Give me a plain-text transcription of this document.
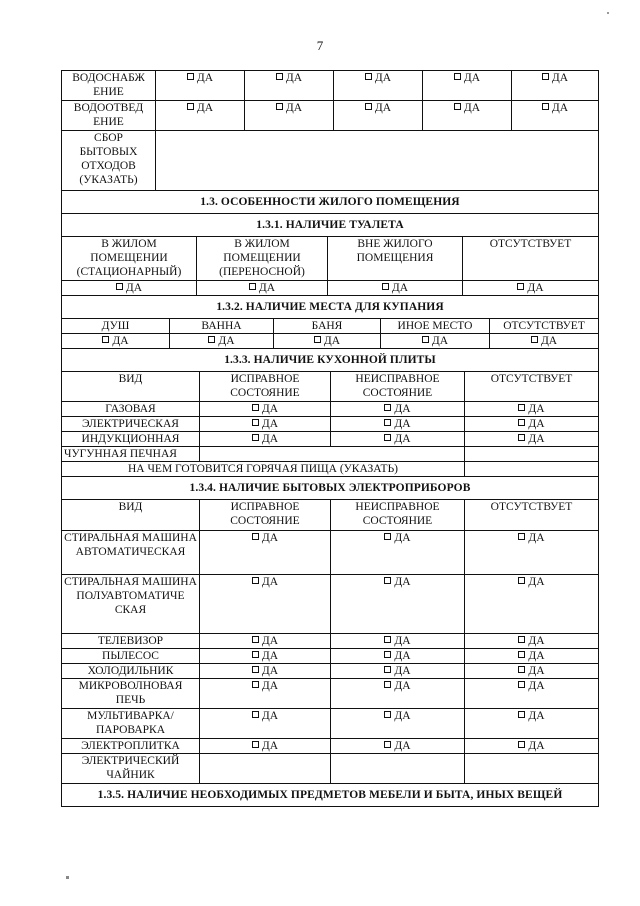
7
ВОДОСНАБЖ ЕНИЕ	ДА	ДА	ДА	ДА	ДА
ВОДООТВЕД ЕНИЕ	ДА	ДА	ДА	ДА	ДА
СБОР БЫТОВЫХ ОТХОДОВ (УКАЗАТЬ)					
1.3. ОСОБЕННОСТИ ЖИЛОГО ПОМЕЩЕНИЯ					
1.3.1. НАЛИЧИЕ ТУАЛЕТА			
В ЖИЛОМ ПОМЕЩЕНИИ (СТАЦИОНАРНЫЙ)	В ЖИЛОМ ПОМЕЩЕНИИ (ПЕРЕНОСНОЙ)	ВНЕ ЖИЛОГО ПОМЕЩЕНИЯ	ОТСУТСТВУЕТ
ДА	ДА	ДА	ДА
1.3.2. НАЛИЧИЕ МЕСТА ДЛЯ КУПАНИЯ				
ДУШ	ВАННА	БАНЯ	ИНОЕ МЕСТО	ОТСУТСТВУЕТ
ДА	ДА	ДА	ДА	ДА
1.3.3. НАЛИЧИЕ КУХОННОЙ ПЛИТЫ			
ВИД	ИСПРАВНОЕ СОСТОЯНИЕ	НЕИСПРАВНОЕ СОСТОЯНИЕ	ОТСУТСТВУЕТ
ГАЗОВАЯ	ДА	ДА	ДА
ЭЛЕКТРИЧЕСКАЯ	ДА	ДА	ДА
ИНДУКЦИОННАЯ	ДА	ДА	ДА
ЧУГУННАЯ ПЕЧНАЯ			
НА ЧЕМ ГОТОВИТСЯ ГОРЯЧАЯ ПИЩА (УКАЗАТЬ)			
1.3.4. НАЛИЧИЕ БЫТОВЫХ ЭЛЕКТРОПРИБОРОВ			
ВИД	ИСПРАВНОЕ СОСТОЯНИЕ	НЕИСПРАВНОЕ СОСТОЯНИЕ	ОТСУТСТВУЕТ
СТИРАЛЬНАЯ МАШИНА АВТОМАТИЧЕСКАЯ	ДА	ДА	ДА
СТИРАЛЬНАЯ МАШИНА ПОЛУАВТОМАТИЧЕ СКАЯ	ДА	ДА	ДА
ТЕЛЕВИЗОР	ДА	ДА	ДА
ПЫЛЕСОС	ДА	ДА	ДА
ХОЛОДИЛЬНИК	ДА	ДА	ДА
МИКРОВОЛНОВАЯ ПЕЧЬ	ДА	ДА	ДА
МУЛЬТИВАРКА/ ПАРОВАРКА	ДА	ДА	ДА
ЭЛЕКТРОПЛИТКА	ДА	ДА	ДА
ЭЛЕКТРИЧЕСКИЙ ЧАЙНИК			
1.3.5. НАЛИЧИЕ НЕОБХОДИМЫХ ПРЕДМЕТОВ МЕБЕЛИ И БЫТА, ИНЫХ ВЕЩЕЙ			
